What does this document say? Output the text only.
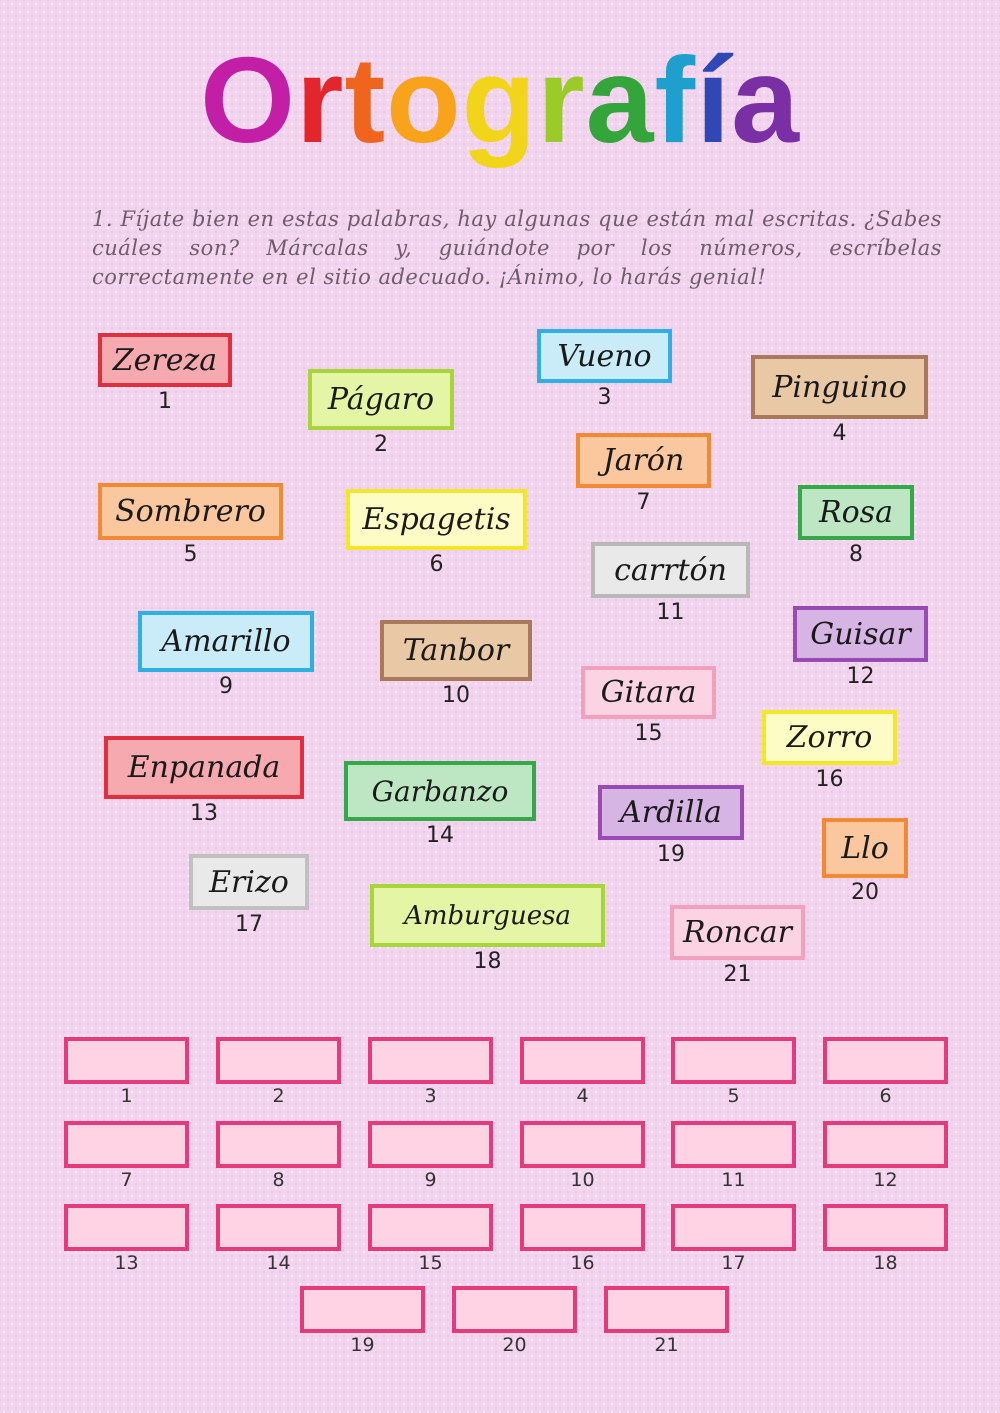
Ortografía
1. Fíjate bien en estas palabras, hay algunas que están mal escritas. ¿Sabes cuáles son? Márcalas y, guiándote por los números, escríbelas correctamente en el sitio adecuado. ¡Ánimo, lo harás genial!
Zereza
1	Págaro
2
Vueno
3	Pinguino
4
Sombrero
5
Espagetis
6
Jarón
7	Rosa
8
Amarillo
9
Tanbor
10
carrtón
11
Guisar
12
Enpanada
13
Garbanzo
14
Gitara
15	Zorro
16
Erizo
17	Amburguesa
18
Ardilla
19	Llo
20
Roncar
21
1	2	3	4	5	6
7	8	9	10	11	12
13	14	15	16	17	18
19	20	21
